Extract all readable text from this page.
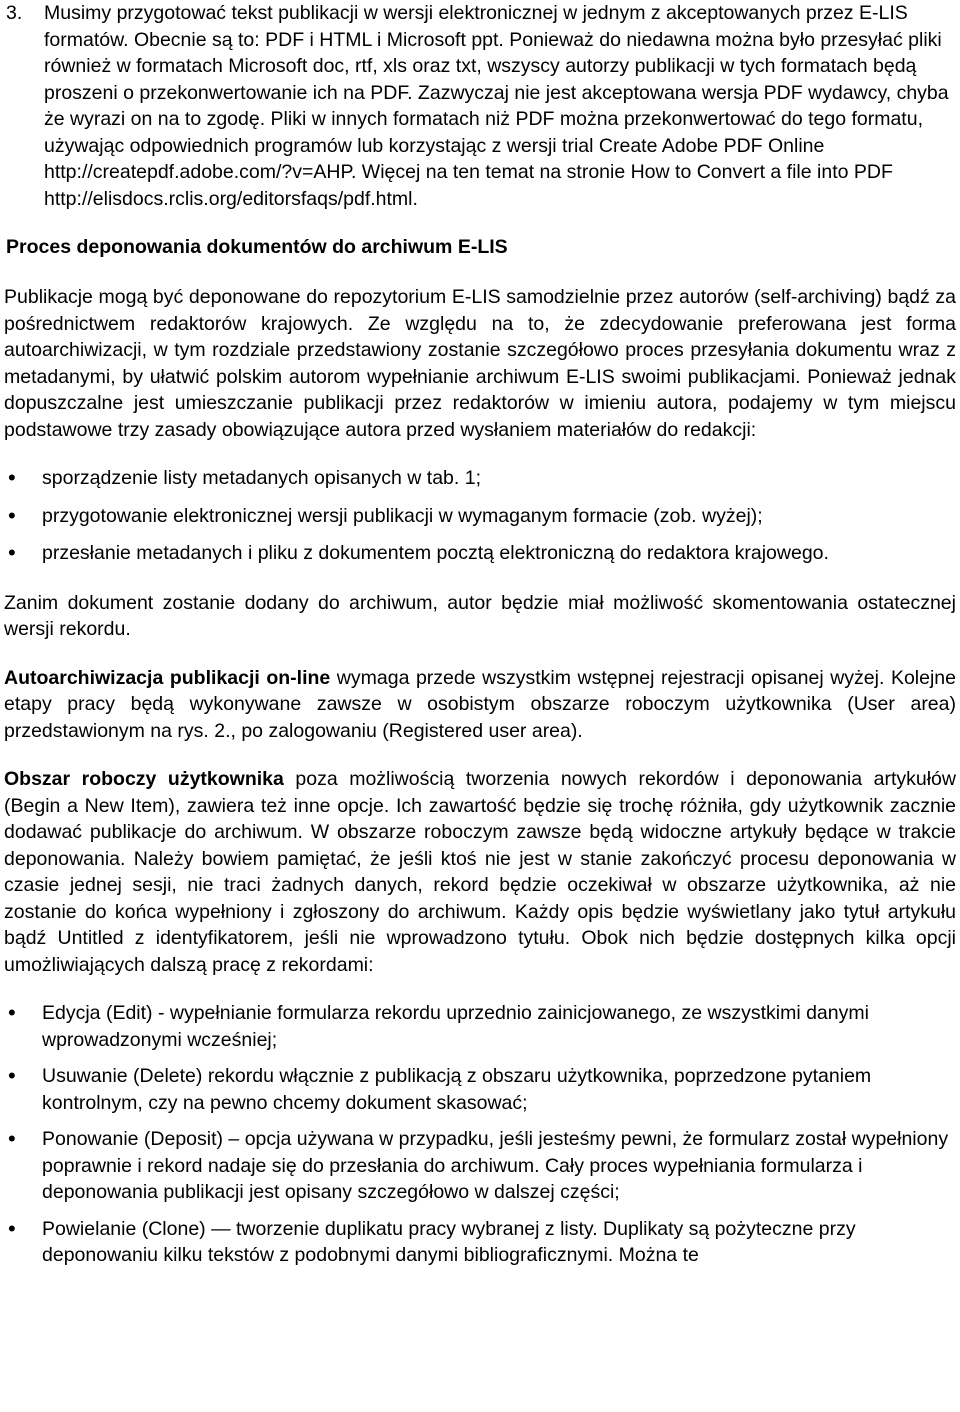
3.	Musimy przygotować tekst publikacji w wersji elektronicznej w jednym z akceptowanych przez E-LIS formatów. Obecnie są to: PDF i HTML i Microsoft ppt. Ponieważ do niedawna można było przesyłać pliki również w formatach Microsoft doc, rtf, xls oraz txt, wszyscy autorzy publikacji w tych formatach będą proszeni o przekonwertowanie ich na PDF. Zazwyczaj nie jest akceptowana wersja PDF wydawcy, chyba że wyrazi on na to zgodę. Pliki w innych formatach niż PDF można przekonwertować do tego formatu, używając odpowiednich programów lub korzystając z wersji trial Create Adobe PDF Online http://createpdf.adobe.com/?v=AHP. Więcej na ten temat na stronie How to Convert a file into PDF http://elisdocs.rclis.org/editorsfaqs/pdf.html.
Proces deponowania dokumentów do archiwum E-LIS

Publikacje mogą być deponowane do repozytorium E-LIS samodzielnie przez autorów (self-archiving) bądź za pośrednictwem redaktorów krajowych. Ze względu na to, że zdecydowanie preferowana jest forma autoarchiwizacji, w tym rozdziale przedstawiony zostanie szczegółowo proces przesyłania dokumentu wraz z metadanymi, by ułatwić polskim autorom wypełnianie archiwum E-LIS swoimi publikacjami. Ponieważ jednak dopuszczalne jest umieszczanie publikacji przez redaktorów w imieniu autora, podajemy w tym miejscu podstawowe trzy zasady obowiązujące autora przed wysłaniem materiałów do redakcji:

•
sporządzenie listy metadanych opisanych w tab. 1;
•
przygotowanie elektronicznej wersji publikacji w wymaganym formacie (zob. wyżej);
•
przesłanie metadanych i pliku z dokumentem pocztą elektroniczną do redaktora krajowego.

Zanim dokument zostanie dodany do archiwum, autor będzie miał możliwość skomentowania ostatecznej wersji rekordu.

Autoarchiwizacja publikacji on-line wymaga przede wszystkim wstępnej rejestracji opisanej wyżej. Kolejne etapy pracy będą wykonywane zawsze w osobistym obszarze roboczym użytkownika (User area) przedstawionym na rys. 2., po zalogowaniu (Registered user area).

Obszar roboczy użytkownika poza możliwością tworzenia nowych rekordów i deponowania artykułów (Begin a New Item), zawiera też inne opcje. Ich zawartość będzie się trochę różniła, gdy użytkownik zacznie dodawać publikacje do archiwum. W obszarze roboczym zawsze będą widoczne artykuły będące w trakcie deponowania. Należy bowiem pamiętać, że jeśli ktoś nie jest w stanie zakończyć procesu deponowania w czasie jednej sesji, nie traci żadnych danych, rekord będzie oczekiwał w obszarze użytkownika, aż nie zostanie do końca wypełniony i zgłoszony do archiwum. Każdy opis będzie wyświetlany jako tytuł artykułu bądź Untitled z identyfikatorem, jeśli nie wprowadzono tytułu. Obok nich będzie dostępnych kilka opcji umożliwiających dalszą pracę z rekordami:

•
Edycja (Edit) - wypełnianie formularza rekordu uprzednio zainicjowanego, ze wszystkimi danymi wprowadzonymi wcześniej;
•
Usuwanie (Delete) rekordu włącznie z publikacją z obszaru użytkownika, poprzedzone pytaniem kontrolnym, czy na pewno chcemy dokument skasować;
•
Ponowanie (Deposit) – opcja używana w przypadku, jeśli jesteśmy pewni, że formularz został wypełniony poprawnie i rekord nadaje się do przesłania do archiwum. Cały proces wypełniania formularza i deponowania publikacji jest opisany szczegółowo w dalszej części;
•
Powielanie (Clone) — tworzenie duplikatu pracy wybranej z listy. Duplikaty są pożyteczne przy deponowaniu kilku tekstów z podobnymi danymi bibliograficznymi. Można te
